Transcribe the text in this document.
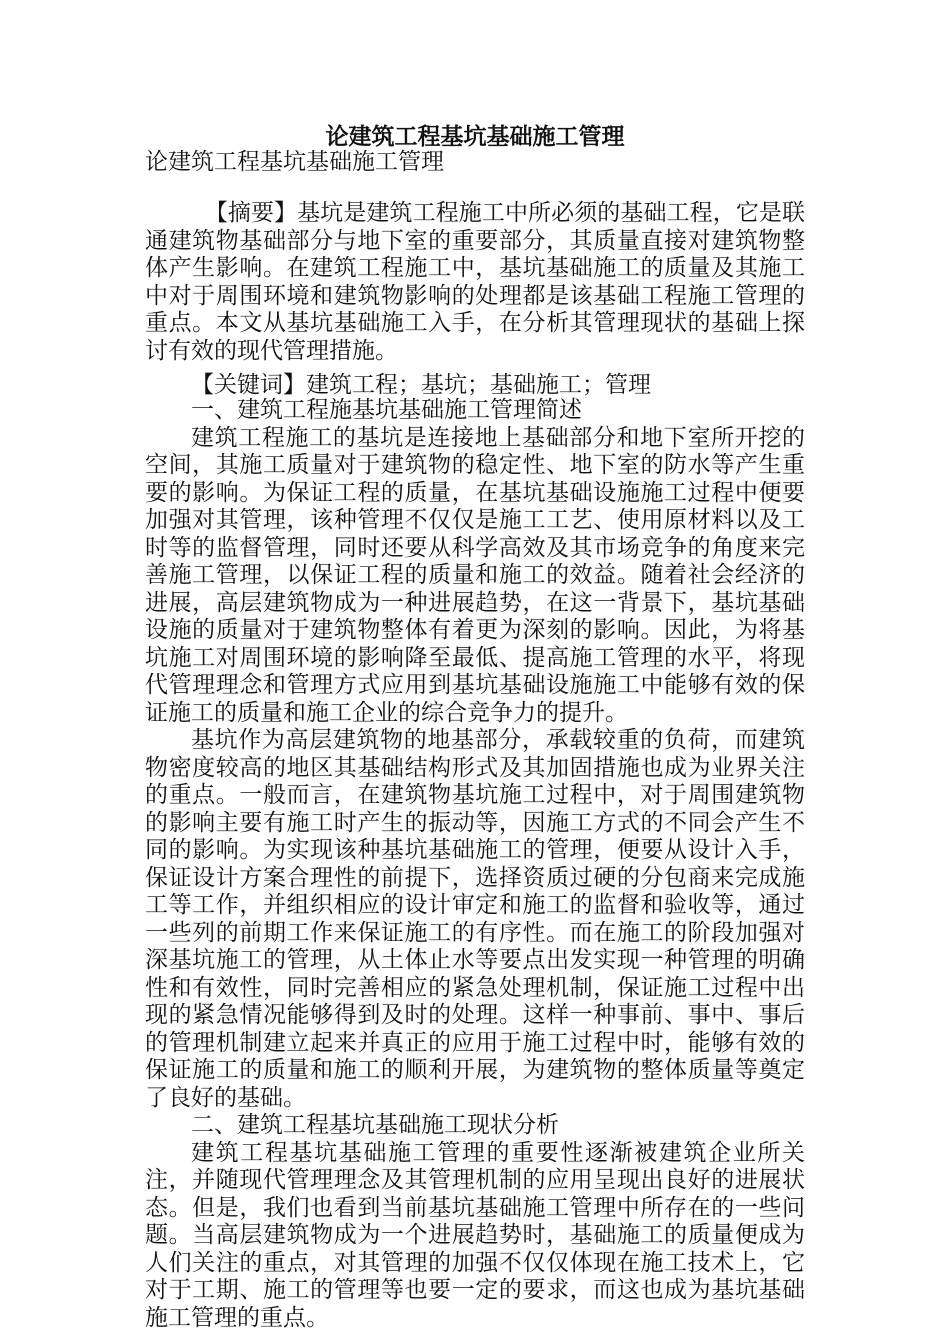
论建筑工程基坑基础施工管理

论建筑工程基坑基础施工管理

【摘要】基坑是建筑工程施工中所必须的基础工程，它是联通建筑物基础部分与地下室的重要部分，其质量直接对建筑物整体产生影响。在建筑工程施工中，基坑基础施工的质量及其施工中对于周围环境和建筑物影响的处理都是该基础工程施工管理的重点。本文从基坑基础施工入手，在分析其管理现状的基础上探讨有效的现代管理措施。

【关键词】建筑工程；基坑；基础施工；管理

一、建筑工程施基坑基础施工管理简述

建筑工程施工的基坑是连接地上基础部分和地下室所开挖的空间，其施工质量对于建筑物的稳定性、地下室的防水等产生重要的影响。为保证工程的质量，在基坑基础设施施工过程中便要加强对其管理，该种管理不仅仅是施工工艺、使用原材料以及工时等的监督管理，同时还要从科学高效及其市场竞争的角度来完善施工管理，以保证工程的质量和施工的效益。随着社会经济的进展，高层建筑物成为一种进展趋势，在这一背景下，基坑基础设施的质量对于建筑物整体有着更为深刻的影响。因此，为将基坑施工对周围环境的影响降至最低、提高施工管理的水平，将现代管理理念和管理方式应用到基坑基础设施施工中能够有效的保证施工的质量和施工企业的综合竞争力的提升。

基坑作为高层建筑物的地基部分，承载较重的负荷，而建筑物密度较高的地区其基础结构形式及其加固措施也成为业界关注的重点。一般而言，在建筑物基坑施工过程中，对于周围建筑物的影响主要有施工时产生的振动等，因施工方式的不同会产生不同的影响。为实现该种基坑基础施工的管理，便要从设计入手，保证设计方案合理性的前提下，选择资质过硬的分包商来完成施工等工作，并组织相应的设计审定和施工的监督和验收等，通过一些列的前期工作来保证施工的有序性。而在施工的阶段加强对深基坑施工的管理，从土体止水等要点出发实现一种管理的明确性和有效性，同时完善相应的紧急处理机制，保证施工过程中出现的紧急情况能够得到及时的处理。这样一种事前、事中、事后的管理机制建立起来并真正的应用于施工过程中时，能够有效的保证施工的质量和施工的顺利开展，为建筑物的整体质量等奠定了良好的基础。

二、建筑工程基坑基础施工现状分析

建筑工程基坑基础施工管理的重要性逐渐被建筑企业所关注，并随现代管理理念及其管理机制的应用呈现出良好的进展状态。但是，我们也看到当前基坑基础施工管理中所存在的一些问题。当高层建筑物成为一个进展趋势时，基础施工的质量便成为人们关注的重点，对其管理的加强不仅仅体现在施工技术上，它对于工期、施工的管理等也要一定的要求，而这也成为基坑基础施工管理的重点。
